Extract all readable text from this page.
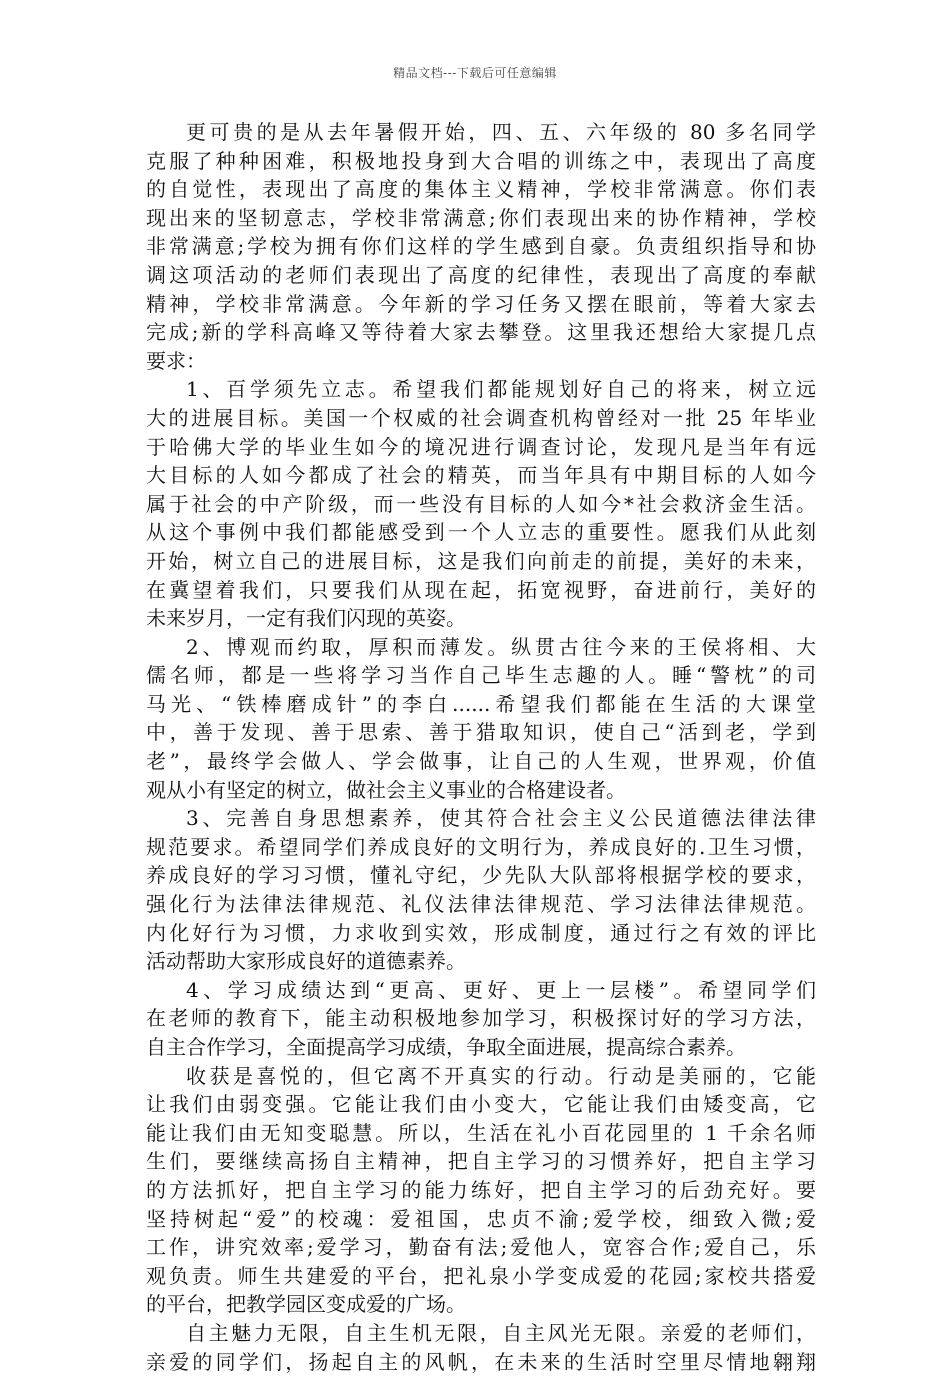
精品文档---下载后可任意编辑
更可贵的是从去年暑假开始，四、五、六年级的 80 多名同学
克服了种种困难，积极地投身到大合唱的训练之中，表现出了高度
的自觉性，表现出了高度的集体主义精神，学校非常满意。你们表
现出来的坚韧意志，学校非常满意;你们表现出来的协作精神，学校
非常满意;学校为拥有你们这样的学生感到自豪。负责组织指导和协
调这项活动的老师们表现出了高度的纪律性，表现出了高度的奉献
精神，学校非常满意。今年新的学习任务又摆在眼前，等着大家去
完成;新的学科高峰又等待着大家去攀登。这里我还想给大家提几点
要求：
1、百学须先立志。希望我们都能规划好自己的将来，树立远
大的进展目标。美国一个权威的社会调查机构曾经对一批 25 年毕业
于哈佛大学的毕业生如今的境况进行调查讨论，发现凡是当年有远
大目标的人如今都成了社会的精英，而当年具有中期目标的人如今
属于社会的中产阶级，而一些没有目标的人如今*社会救济金生活。
从这个事例中我们都能感受到一个人立志的重要性。愿我们从此刻
开始，树立自己的进展目标，这是我们向前走的前提，美好的未来，
在冀望着我们，只要我们从现在起，拓宽视野，奋进前行，美好的
未来岁月，一定有我们闪现的英姿。
2、博观而约取，厚积而薄发。纵贯古往今来的王侯将相、大
儒名师，都是一些将学习当作自己毕生志趣的人。睡“警枕”的司
马光、“铁棒磨成针”的李白......希望我们都能在生活的大课堂
中，善于发现、善于思索、善于猎取知识，使自己“活到老，学到
老”，最终学会做人、学会做事，让自己的人生观，世界观，价值
观从小有坚定的树立，做社会主义事业的合格建设者。
3、完善自身思想素养，使其符合社会主义公民道德法律法律
规范要求。希望同学们养成良好的文明行为，养成良好的.卫生习惯，
养成良好的学习习惯，懂礼守纪，少先队大队部将根据学校的要求，
强化行为法律法律规范、礼仪法律法律规范、学习法律法律规范。
内化好行为习惯，力求收到实效，形成制度，通过行之有效的评比
活动帮助大家形成良好的道德素养。
4、学习成绩达到“更高、更好、更上一层楼”。希望同学们
在老师的教育下，能主动积极地参加学习，积极探讨好的学习方法，
自主合作学习，全面提高学习成绩，争取全面进展，提高综合素养。
收获是喜悦的，但它离不开真实的行动。行动是美丽的，它能
让我们由弱变强。它能让我们由小变大，它能让我们由矮变高，它
能让我们由无知变聪慧。所以，生活在礼小百花园里的 1 千余名师
生们，要继续高扬自主精神，把自主学习的习惯养好，把自主学习
的方法抓好，把自主学习的能力练好，把自主学习的后劲充好。要
坚持树起“爱”的校魂：爱祖国，忠贞不渝;爱学校，细致入微;爱
工作，讲究效率;爱学习，勤奋有法;爱他人，宽容合作;爱自己，乐
观负责。师生共建爱的平台，把礼泉小学变成爱的花园;家校共搭爱
的平台，把教学园区变成爱的广场。
自主魅力无限，自主生机无限，自主风光无限。亲爱的老师们，
亲爱的同学们，扬起自主的风帆，在未来的生活时空里尽情地翱翔
